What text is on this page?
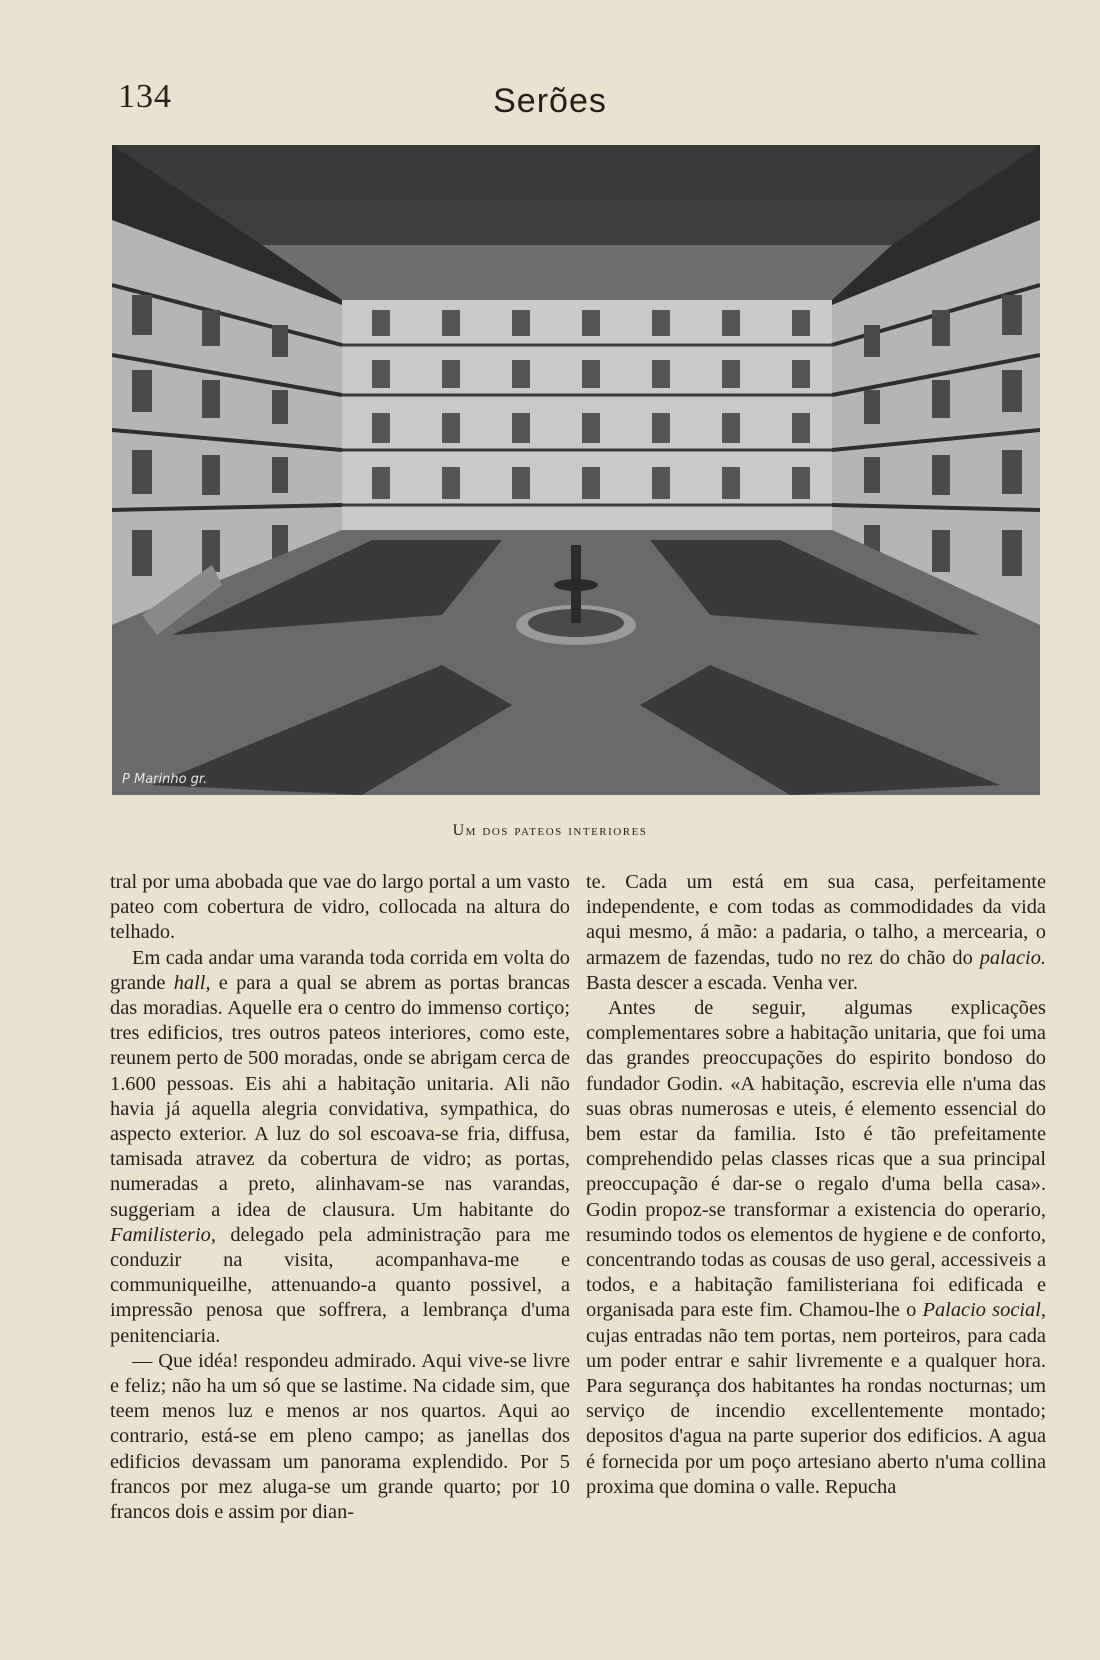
134	Serões
P Marinho gr.
Um dos pateos interiores

tral por uma abobada que vae do largo portal a um vasto pateo com cobertura de vidro, collocada na altura do telhado.

Em cada andar uma varanda toda corrida em volta do grande hall, e para a qual se abrem as portas brancas das moradias. Aquelle era o centro do immenso cortiço; tres edificios, tres outros pateos interiores, como este, reunem perto de 500 moradas, onde se abrigam cerca de 1.600 pessoas. Eis ahi a habitação unitaria. Ali não havia já aquella alegria convidativa, sympathica, do aspecto exterior. A luz do sol escoava-se fria, diffusa, tamisada atravez da cobertura de vidro; as portas, numeradas a preto, alinhavam-se nas varandas, suggeriam a idea de clausura. Um habitante do Familisterio, delegado pela administração para me conduzir na visita, acompanhava-me e communiqueilhe, attenuando-a quanto possivel, a impressão penosa que soffrera, a lembrança d'uma penitenciaria.

— Que idéa! respondeu admirado. Aqui vive-se livre e feliz; não ha um só que se lastime. Na cidade sim, que teem menos luz e menos ar nos quartos. Aqui ao contrario, está-se em pleno campo; as janellas dos edificios devassam um panorama explendido. Por 5 francos por mez aluga-se um grande quarto; por 10 francos dois e assim por dian-

te. Cada um está em sua casa, perfeitamente independente, e com todas as commodidades da vida aqui mesmo, á mão: a padaria, o talho, a mercearia, o armazem de fazendas, tudo no rez do chão do palacio. Basta descer a escada. Venha ver.

Antes de seguir, algumas explicações complementares sobre a habitação unitaria, que foi uma das grandes preoccupações do espirito bondoso do fundador Godin. «A habitação, escrevia elle n'uma das suas obras numerosas e uteis, é elemento essencial do bem estar da familia. Isto é tão prefeitamente comprehendido pelas classes ricas que a sua principal preoccupação é dar-se o regalo d'uma bella casa». Godin propoz-se transformar a existencia do operario, resumindo todos os elementos de hygiene e de conforto, concentrando todas as cousas de uso geral, accessiveis a todos, e a habitação familisteriana foi edificada e organisada para este fim. Chamou-lhe o Palacio social, cujas entradas não tem portas, nem porteiros, para cada um poder entrar e sahir livremente e a qualquer hora. Para segurança dos habitantes ha rondas nocturnas; um serviço de incendio excellentemente montado; depositos d'agua na parte superior dos edificios. A agua é fornecida por um poço artesiano aberto n'uma collina proxima que domina o valle. Repucha
